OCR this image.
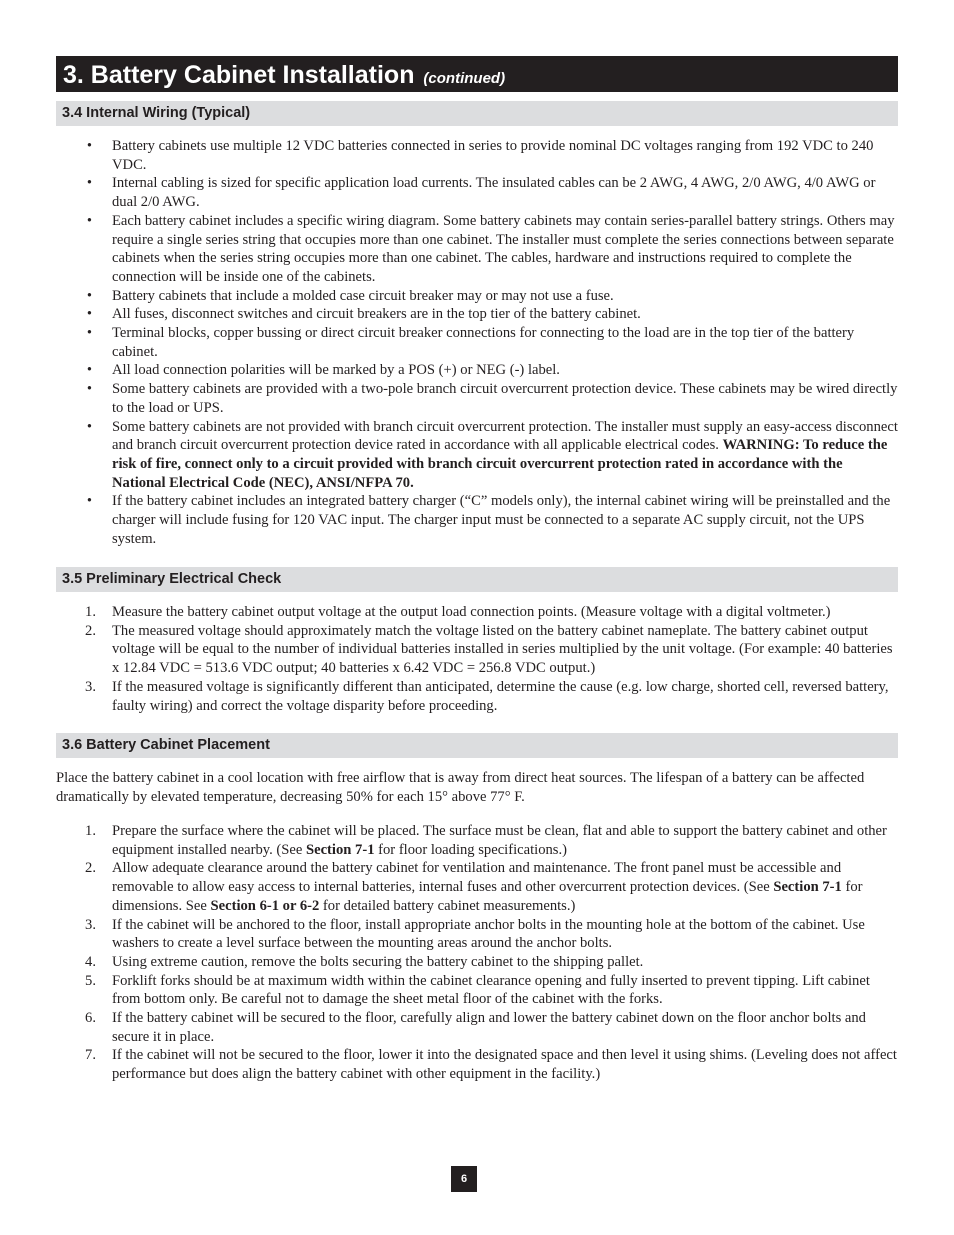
3. Battery Cabinet Installation (continued)
3.4 Internal Wiring (Typical)
• Battery cabinets use multiple 12 VDC batteries connected in series to provide nominal DC voltages ranging from 192 VDC to 240 VDC.
• Internal cabling is sized for specific application load currents. The insulated cables can be 2 AWG, 4 AWG, 2/0 AWG, 4/0 AWG or dual 2/0 AWG.
• Each battery cabinet includes a specific wiring diagram. Some battery cabinets may contain series-parallel battery strings. Others may require a single series string that occupies more than one cabinet. The installer must complete the series connections between separate cabinets when the series string occupies more than one cabinet. The cables, hardware and instructions required to complete the connection will be inside one of the cabinets.
• Battery cabinets that include a molded case circuit breaker may or may not use a fuse.
• All fuses, disconnect switches and circuit breakers are in the top tier of the battery cabinet.
• Terminal blocks, copper bussing or direct circuit breaker connections for connecting to the load are in the top tier of the battery cabinet.
• All load connection polarities will be marked by a POS (+) or NEG (-) label.
• Some battery cabinets are provided with a two-pole branch circuit overcurrent protection device. These cabinets may be wired directly to the load or UPS.
• Some battery cabinets are not provided with branch circuit overcurrent protection. The installer must supply an easy-access disconnect and branch circuit overcurrent protection device rated in accordance with all applicable electrical codes. WARNING: To reduce the risk of fire, connect only to a circuit provided with branch circuit overcurrent protection rated in accordance with the National Electrical Code (NEC), ANSI/NFPA 70.
• If the battery cabinet includes an integrated battery charger (“C” models only), the internal cabinet wiring will be preinstalled and the charger will include fusing for 120 VAC input. The charger input must be connected to a separate AC supply circuit, not the UPS system.
3.5 Preliminary Electrical Check
1. Measure the battery cabinet output voltage at the output load connection points. (Measure voltage with a digital voltmeter.)
2. The measured voltage should approximately match the voltage listed on the battery cabinet nameplate. The battery cabinet output voltage will be equal to the number of individual batteries installed in series multiplied by the unit voltage. (For example: 40 batteries x 12.84 VDC = 513.6 VDC output; 40 batteries x 6.42 VDC = 256.8 VDC output.)
3. If the measured voltage is significantly different than anticipated, determine the cause (e.g. low charge, shorted cell, reversed battery, faulty wiring) and correct the voltage disparity before proceeding.
3.6 Battery Cabinet Placement

Place the battery cabinet in a cool location with free airflow that is away from direct heat sources. The lifespan of a battery can be affected dramatically by elevated temperature, decreasing 50% for each 15° above 77° F.

1. Prepare the surface where the cabinet will be placed. The surface must be clean, flat and able to support the battery cabinet and other equipment installed nearby. (See Section 7-1 for floor loading specifications.)
2. Allow adequate clearance around the battery cabinet for ventilation and maintenance. The front panel must be accessible and removable to allow easy access to internal batteries, internal fuses and other overcurrent protection devices. (See Section 7-1 for dimensions. See Section 6-1 or 6-2 for detailed battery cabinet measurements.)
3. If the cabinet will be anchored to the floor, install appropriate anchor bolts in the mounting hole at the bottom of the cabinet. Use washers to create a level surface between the mounting areas around the anchor bolts.
4. Using extreme caution, remove the bolts securing the battery cabinet to the shipping pallet.
5. Forklift forks should be at maximum width within the cabinet clearance opening and fully inserted to prevent tipping. Lift cabinet from bottom only. Be careful not to damage the sheet metal floor of the cabinet with the forks.
6. If the battery cabinet will be secured to the floor, carefully align and lower the battery cabinet down on the floor anchor bolts and secure it in place.
7. If the cabinet will not be secured to the floor, lower it into the designated space and then level it using shims. (Leveling does not affect performance but does align the battery cabinet with other equipment in the facility.)
6
